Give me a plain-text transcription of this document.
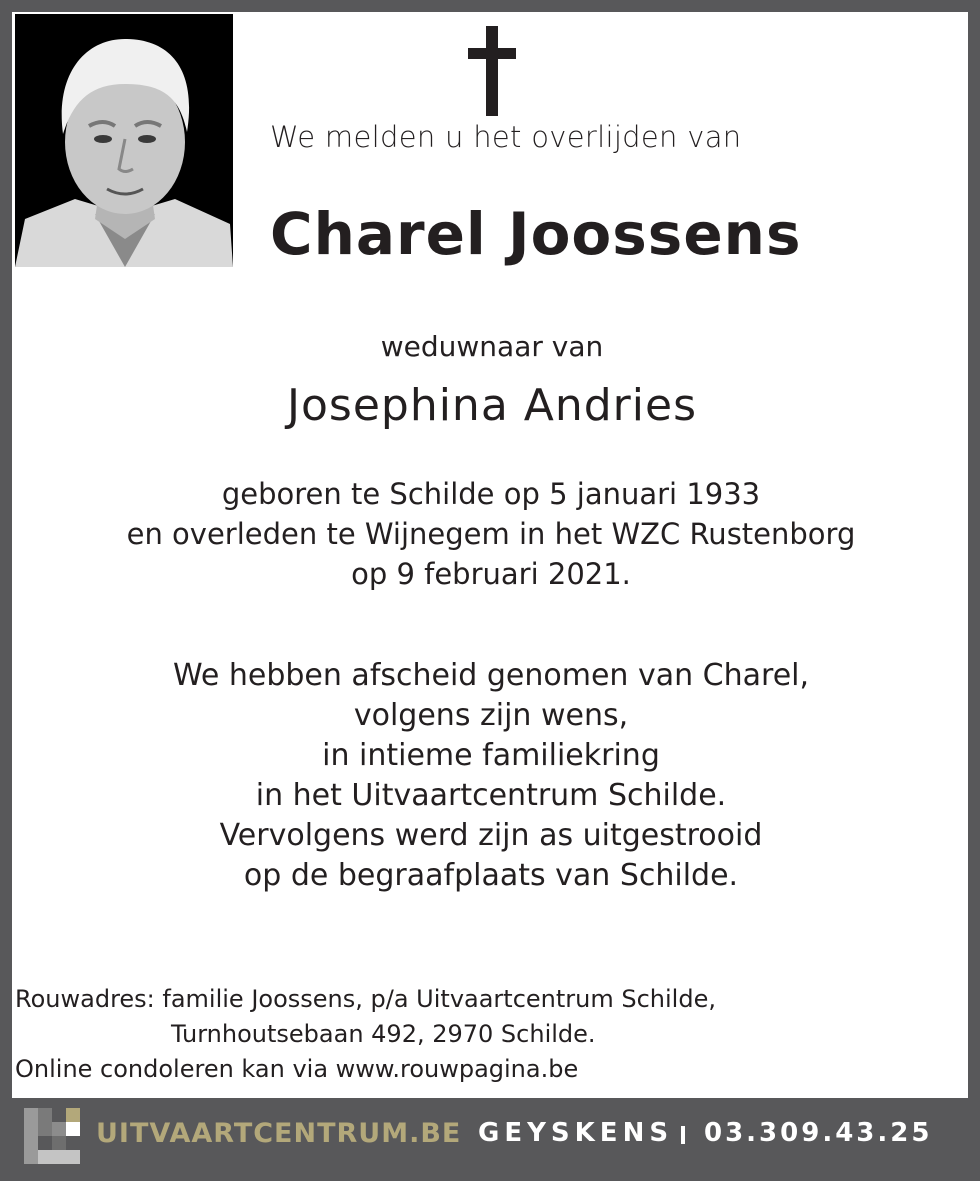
We melden u het overlijden van
Charel Joossens
weduwnaar van
Josephina Andries
geboren te Schilde op 5 januari 1933
en overleden te Wijnegem in het WZC Rustenborg
op 9 februari 2021.
We hebben afscheid genomen van Charel,
volgens zijn wens,
in intieme familiekring
in het Uitvaartcentrum Schilde.
Vervolgens werd zijn as uitgestrooid
op de begraafplaats van Schilde.
Rouwadres: familie Joossens, p/a Uitvaartcentrum Schilde,
Turnhoutsebaan 492, 2970 Schilde.
Online condoleren kan via www.rouwpagina.be
UITVAARTCENTRUM.BE GEYSKENS 03.309.43.25
